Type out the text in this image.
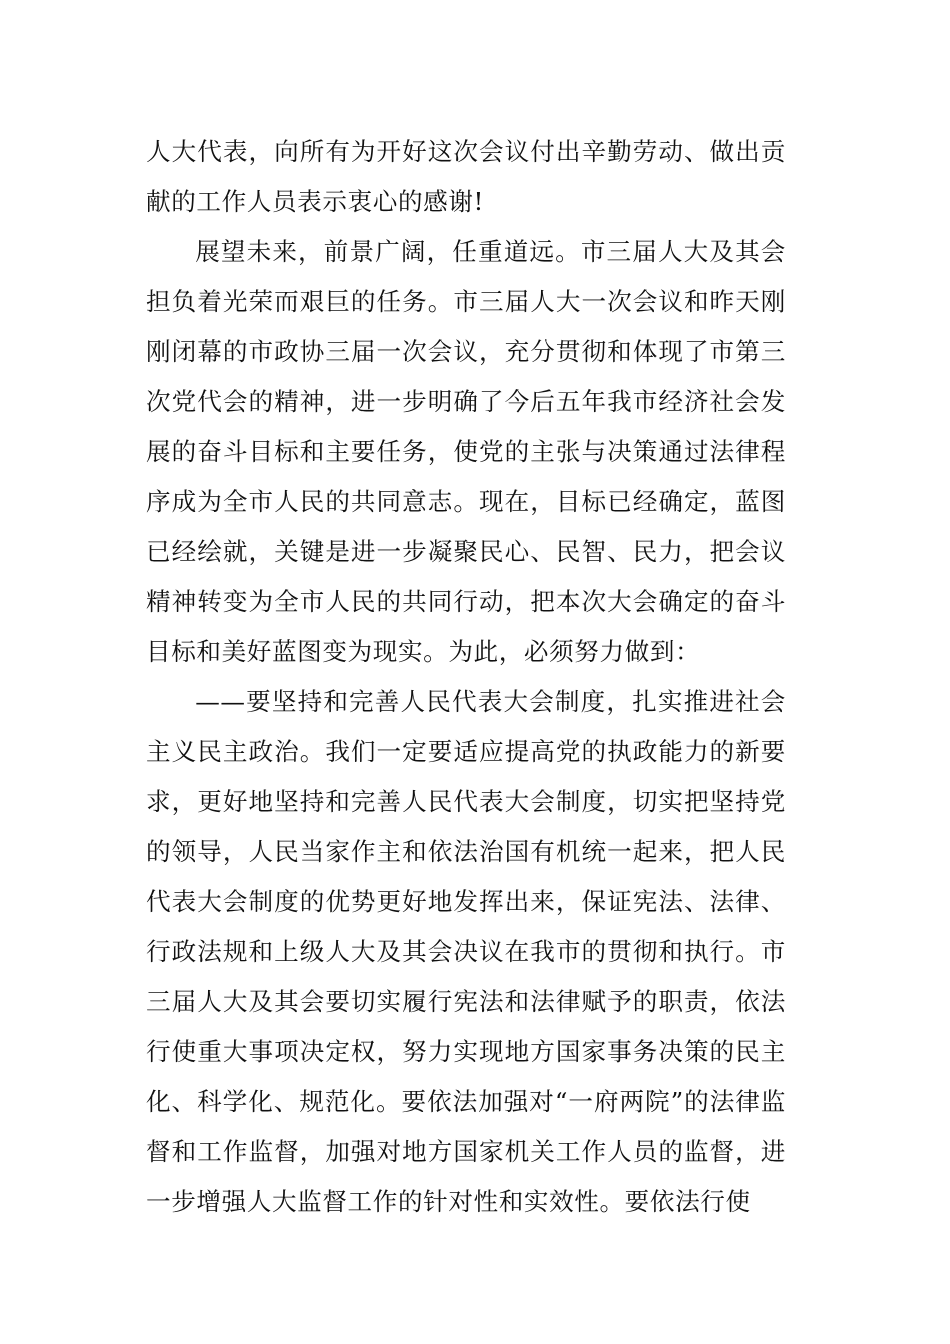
人大代表，向所有为开好这次会议付出辛勤劳动、做出贡献的工作人员表示衷心的感谢!

展望未来，前景广阔，任重道远。市三届人大及其会担负着光荣而艰巨的任务。市三届人大一次会议和昨天刚刚闭幕的市政协三届一次会议，充分贯彻和体现了市第三次党代会的精神，进一步明确了今后五年我市经济社会发展的奋斗目标和主要任务，使党的主张与决策通过法律程序成为全市人民的共同意志。现在，目标已经确定，蓝图已经绘就，关键是进一步凝聚民心、民智、民力，把会议精神转变为全市人民的共同行动，把本次大会确定的奋斗目标和美好蓝图变为现实。为此，必须努力做到：

——要坚持和完善人民代表大会制度，扎实推进社会主义民主政治。我们一定要适应提高党的执政能力的新要求，更好地坚持和完善人民代表大会制度，切实把坚持党的领导，人民当家作主和依法治国有机统一起来，把人民代表大会制度的优势更好地发挥出来，保证宪法、法律、行政法规和上级人大及其会决议在我市的贯彻和执行。市三届人大及其会要切实履行宪法和法律赋予的职责，依法行使重大事项决定权，努力实现地方国家事务决策的民主化、科学化、规范化。要依法加强对“一府两院”的法律监督和工作监督，加强对地方国家机关工作人员的监督，进一步增强人大监督工作的针对性和实效性。要依法行使
